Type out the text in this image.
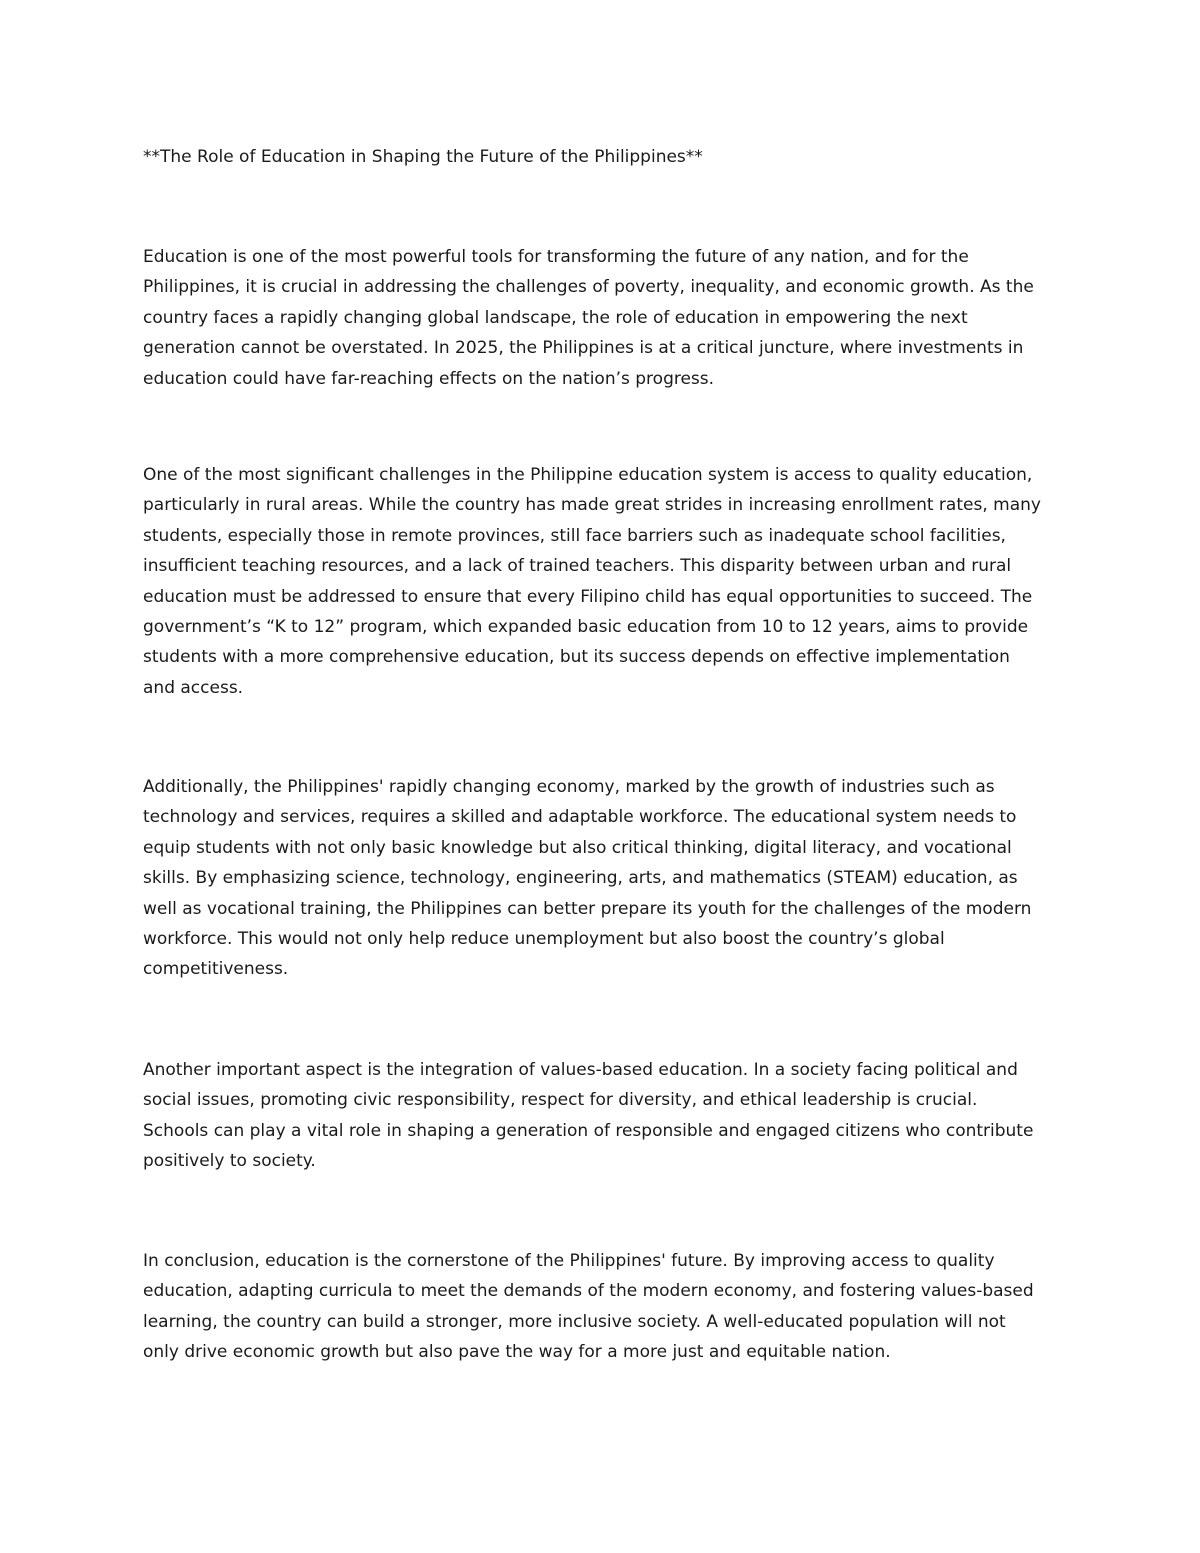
**The Role of Education in Shaping the Future of the Philippines**
Education is one of the most powerful tools for transforming the future of any nation, and for the
Philippines, it is crucial in addressing the challenges of poverty, inequality, and economic growth. As the
country faces a rapidly changing global landscape, the role of education in empowering the next
generation cannot be overstated. In 2025, the Philippines is at a critical juncture, where investments in
education could have far-reaching effects on the nation’s progress.
One of the most significant challenges in the Philippine education system is access to quality education,
particularly in rural areas. While the country has made great strides in increasing enrollment rates, many
students, especially those in remote provinces, still face barriers such as inadequate school facilities,
insufficient teaching resources, and a lack of trained teachers. This disparity between urban and rural
education must be addressed to ensure that every Filipino child has equal opportunities to succeed. The
government’s “K to 12” program, which expanded basic education from 10 to 12 years, aims to provide
students with a more comprehensive education, but its success depends on effective implementation
and access.
Additionally, the Philippines' rapidly changing economy, marked by the growth of industries such as
technology and services, requires a skilled and adaptable workforce. The educational system needs to
equip students with not only basic knowledge but also critical thinking, digital literacy, and vocational
skills. By emphasizing science, technology, engineering, arts, and mathematics (STEAM) education, as
well as vocational training, the Philippines can better prepare its youth for the challenges of the modern
workforce. This would not only help reduce unemployment but also boost the country’s global
competitiveness.
Another important aspect is the integration of values-based education. In a society facing political and
social issues, promoting civic responsibility, respect for diversity, and ethical leadership is crucial.
Schools can play a vital role in shaping a generation of responsible and engaged citizens who contribute
positively to society.
In conclusion, education is the cornerstone of the Philippines' future. By improving access to quality
education, adapting curricula to meet the demands of the modern economy, and fostering values-based
learning, the country can build a stronger, more inclusive society. A well-educated population will not
only drive economic growth but also pave the way for a more just and equitable nation.
